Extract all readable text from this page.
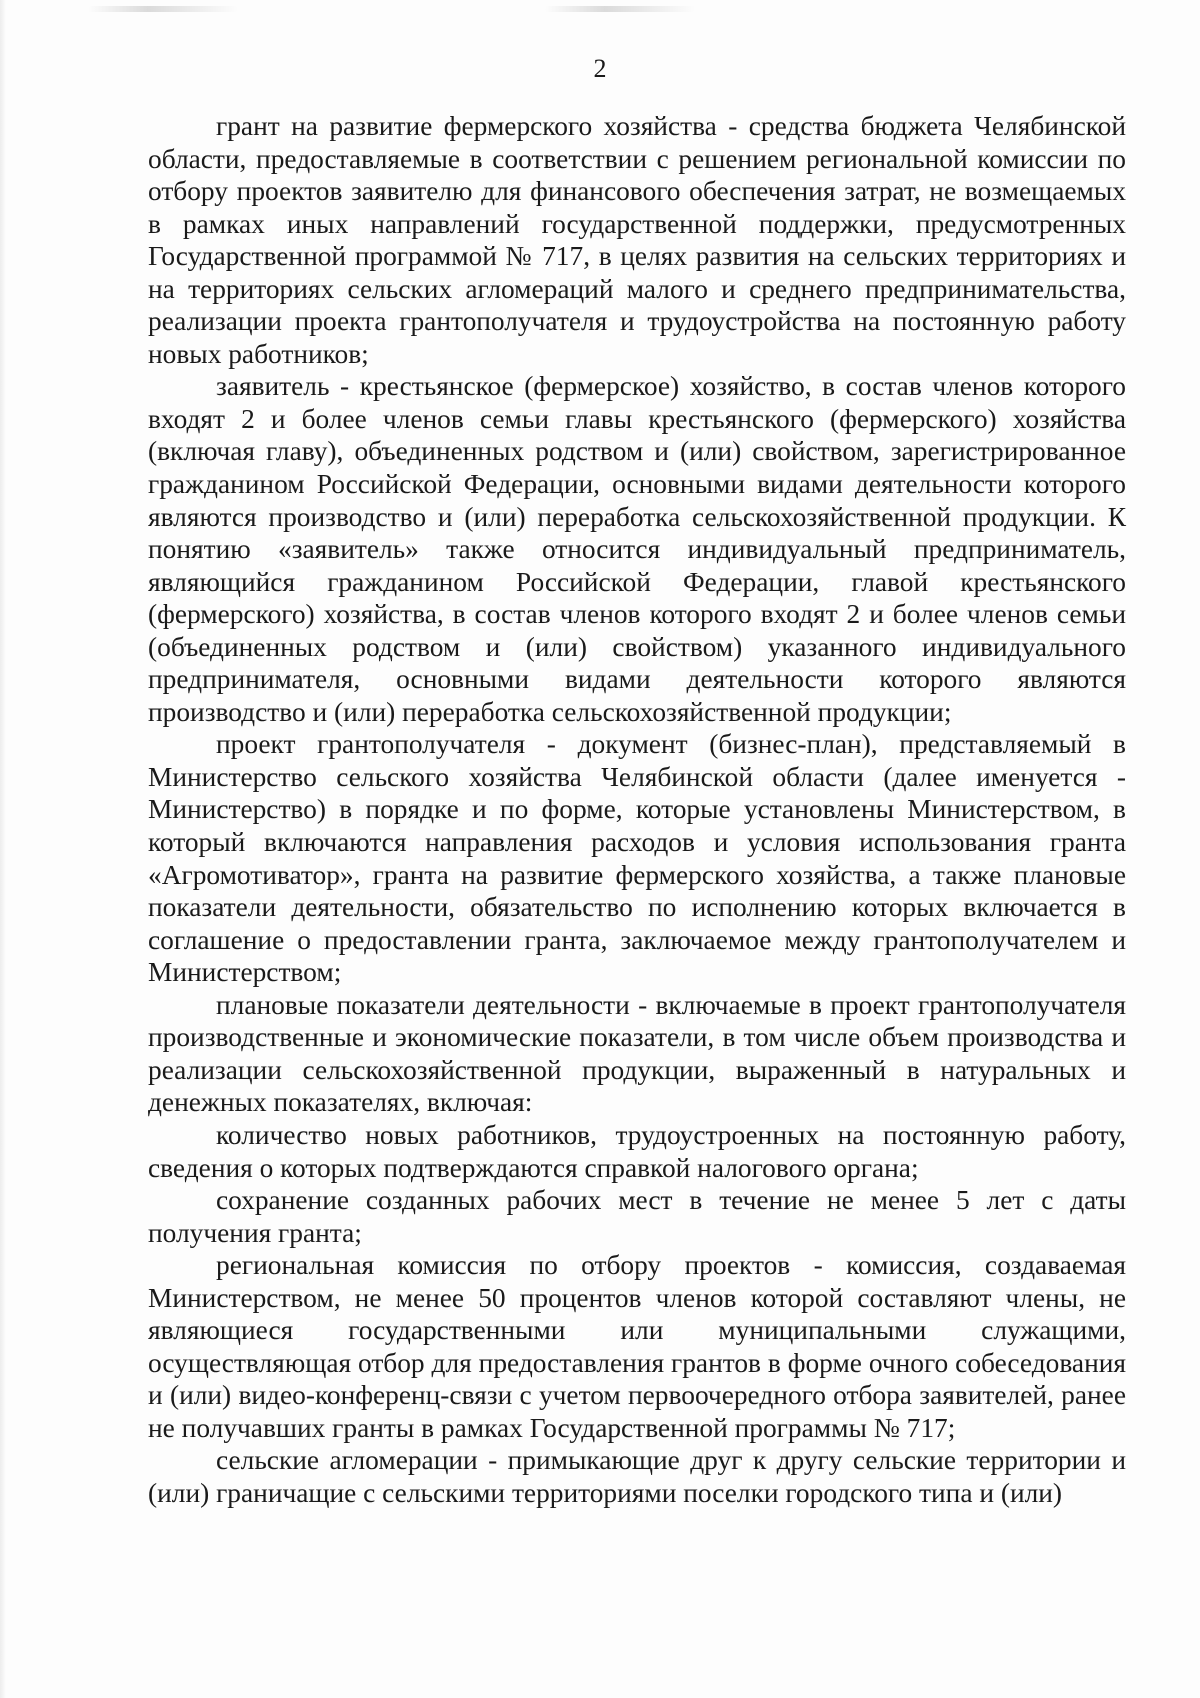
2

грант на развитие фермерского хозяйства - средства бюджета Челябинской области, предоставляемые в соответствии с решением региональной комиссии по отбору проектов заявителю для финансового обеспечения затрат, не возмещаемых в рамках иных направлений государственной поддержки, предусмотренных Государственной программой № 717, в целях развития на сельских территориях и на территориях сельских агломераций малого и среднего предпринимательства, реализации проекта грантополучателя и трудоустройства на постоянную работу новых работников;

заявитель - крестьянское (фермерское) хозяйство, в состав членов которого входят 2 и более членов семьи главы крестьянского (фермерского) хозяйства (включая главу), объединенных родством и (или) свойством, зарегистрированное гражданином Российской Федерации, основными видами деятельности которого являются производство и (или) переработка сельскохозяйственной продукции. К понятию «заявитель» также относится индивидуальный предприниматель, являющийся гражданином Российской Федерации, главой крестьянского (фермерского) хозяйства, в состав членов которого входят 2 и более членов семьи (объединенных родством и (или) свойством) указанного индивидуального предпринимателя, основными видами деятельности которого являются производство и (или) переработка сельскохозяйственной продукции;

проект грантополучателя - документ (бизнес-план), представляемый в Министерство сельского хозяйства Челябинской области (далее именуется - Министерство) в порядке и по форме, которые установлены Министерством, в который включаются направления расходов и условия использования гранта «Агромотиватор», гранта на развитие фермерского хозяйства, а также плановые показатели деятельности, обязательство по исполнению которых включается в соглашение о предоставлении гранта, заключаемое между грантополучателем и Министерством;

плановые показатели деятельности - включаемые в проект грантополучателя производственные и экономические показатели, в том числе объем производства и реализации сельскохозяйственной продукции, выраженный в натуральных и денежных показателях, включая:

количество новых работников, трудоустроенных на постоянную работу, сведения о которых подтверждаются справкой налогового органа;

сохранение созданных рабочих мест в течение не менее 5 лет с даты получения гранта;

региональная комиссия по отбору проектов - комиссия, создаваемая Министерством, не менее 50 процентов членов которой составляют члены, не являющиеся государственными или муниципальными служащими, осуществляющая отбор для предоставления грантов в форме очного собеседования и (или) видео-конференц-связи с учетом первоочередного отбора заявителей, ранее не получавших гранты в рамках Государственной программы № 717;

сельские агломерации - примыкающие друг к другу сельские территории и (или) граничащие с сельскими территориями поселки городского типа и (или)
